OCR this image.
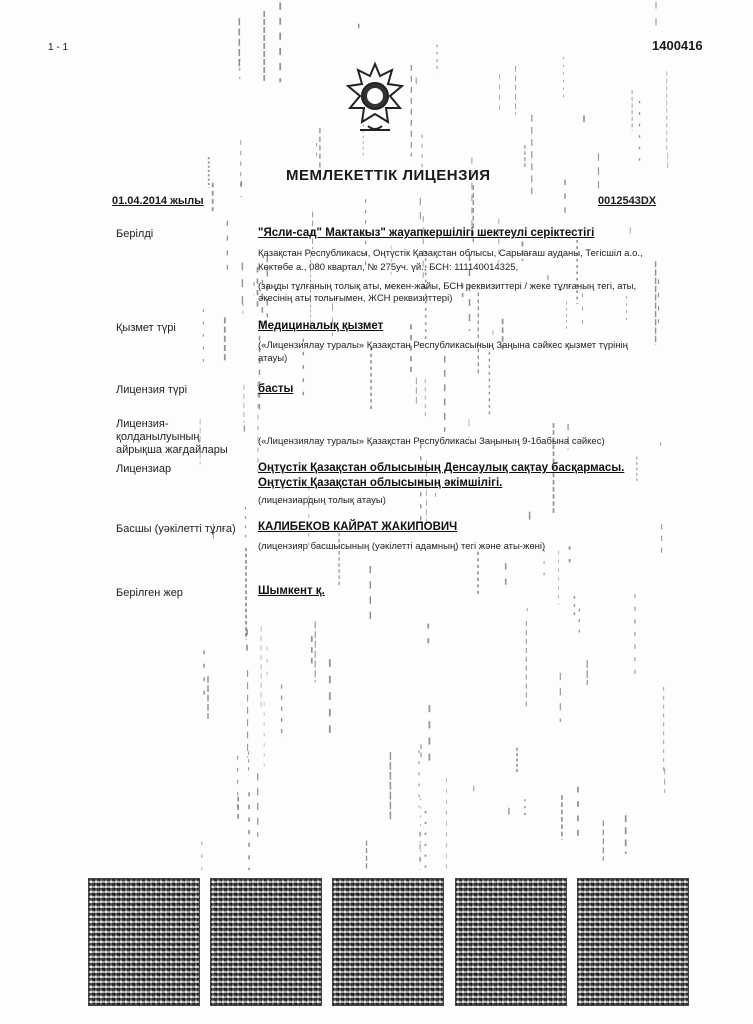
1 - 1	1400416
МЕМЛЕКЕТТІК ЛИЦЕНЗИЯ
01.04.2014 жылы	0012543DX
Берілді	"Ясли-сад" Мактакыз" жауапкершілігі шектеулі серіктестігі
Қазақстан Республикасы, Оңтүстік Қазақстан облысы, Сарыағаш ауданы, Тегісшіл а.о.,
Көктөбе а., 080 квартал, № 275уч. үй., БСН: 111140014325,
(заңды тұлғаның толық аты, мекен-жайы, БСН реквизиттері / жеке тұлғаның тегі, аты,
әкесінің аты толығымен, ЖСН реквизиттері)
Қызмет түрі	Медициналық қызмет
(«Лицензиялау туралы» Қазақстан Республикасының Заңына сәйкес қызмет түрінің
атауы)
Лицензия түрі	басты
Лицензия-
қолданылуының
айрықша жағдайлары
(«Лицензиялау туралы» Қазақстан Республикасы Заңының 9-1бабына сәйкес)
Лицензиар	Оңтүстік Қазақстан облысының Денсаулық сақтау басқармасы.
Оңтүстік Қазақстан облысының әкімшілігі.
(лицензиардың толық атауы)
Басшы (уәкілетті тұлға) КАЛИБЕКОВ КАЙРАТ ЖАКИПОВИЧ
(лицензияр басшысының (уәкілетті адамның) тегі және аты-жөні)
Берілген жер	Шымкент қ.
